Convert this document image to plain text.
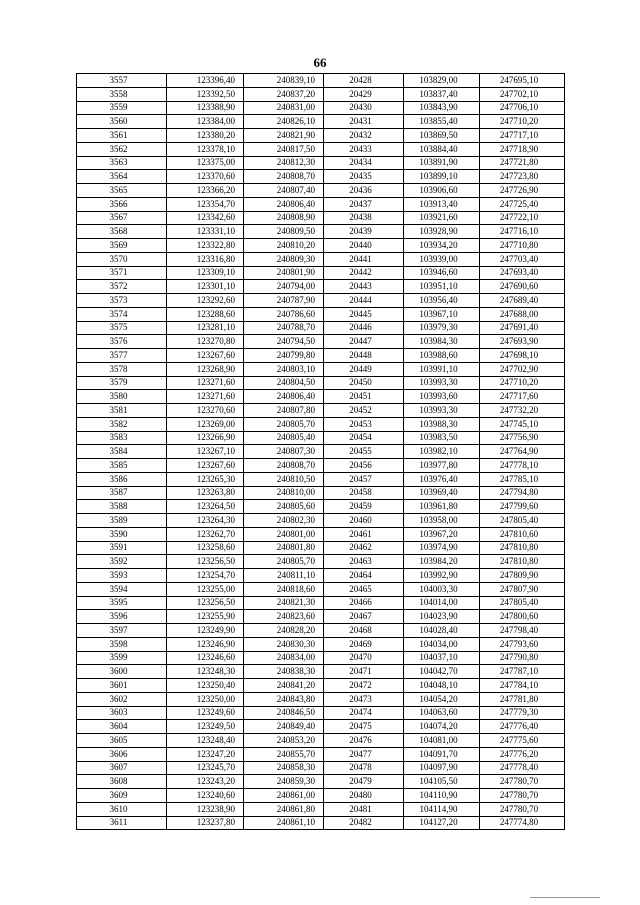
66
3557	123396,40	240839,10	20428	103829,00	247695,10
3558	123392,50	240837,20	20429	103837,40	247702,10
3559	123388,90	240831,00	20430	103843,90	247706,10
3560	123384,00	240826,10	20431	103855,40	247710,20
3561	123380,20	240821,90	20432	103869,50	247717,10
3562	123378,10	240817,50	20433	103884,40	247718,90
3563	123375,00	240812,30	20434	103891,90	247721,80
3564	123370,60	240808,70	20435	103899,10	247723,80
3565	123366,20	240807,40	20436	103906,60	247726,90
3566	123354,70	240806,40	20437	103913,40	247725,40
3567	123342,60	240808,90	20438	103921,60	247722,10
3568	123331,10	240809,50	20439	103928,90	247716,10
3569	123322,80	240810,20	20440	103934,20	247710,80
3570	123316,80	240809,30	20441	103939,00	247703,40
3571	123309,10	240801,90	20442	103946,60	247693,40
3572	123301,10	240794,00	20443	103951,10	247690,60
3573	123292,60	240787,90	20444	103956,40	247689,40
3574	123288,60	240786,60	20445	103967,10	247688,00
3575	123281,10	240788,70	20446	103979,30	247691,40
3576	123270,80	240794,50	20447	103984,30	247693,90
3577	123267,60	240799,80	20448	103988,60	247698,10
3578	123268,90	240803,10	20449	103991,10	247702,90
3579	123271,60	240804,50	20450	103993,30	247710,20
3580	123271,60	240806,40	20451	103993,60	247717,60
3581	123270,60	240807,80	20452	103993,30	247732,20
3582	123269,00	240805,70	20453	103988,30	247745,10
3583	123266,90	240805,40	20454	103983,50	247756,90
3584	123267,10	240807,30	20455	103982,10	247764,90
3585	123267,60	240808,70	20456	103977,80	247778,10
3586	123265,30	240810,50	20457	103976,40	247785,10
3587	123263,80	240810,00	20458	103969,40	247794,80
3588	123264,50	240805,60	20459	103961,80	247799,60
3589	123264,30	240802,30	20460	103958,00	247805,40
3590	123262,70	240801,00	20461	103967,20	247810,60
3591	123258,60	240801,80	20462	103974,90	247810,80
3592	123256,50	240805,70	20463	103984,20	247810,80
3593	123254,70	240811,10	20464	103992,90	247809,90
3594	123255,00	240818,60	20465	104003,30	247807,90
3595	123256,50	240821,30	20466	104014,00	247805,40
3596	123255,90	240823,60	20467	104023,90	247800,60
3597	123249,90	240828,20	20468	104028,40	247798,40
3598	123246,90	240830,30	20469	104034,00	247793,60
3599	123246,60	240834,00	20470	104037,10	247790,80
3600	123248,30	240838,30	20471	104042,70	247787,10
3601	123250,40	240841,20	20472	104048,10	247784,10
3602	123250,00	240843,80	20473	104054,20	247781,80
3603	123249,60	240846,50	20474	104063,60	247779,30
3604	123249,50	240849,40	20475	104074,20	247776,40
3605	123248,40	240853,20	20476	104081,00	247775,60
3606	123247,20	240855,70	20477	104091,70	247776,20
3607	123245,70	240858,30	20478	104097,90	247778,40
3608	123243,20	240859,30	20479	104105,50	247780,70
3609	123240,60	240861,00	20480	104110,90	247780,70
3610	123238,90	240861,80	20481	104114,90	247780,70
3611	123237,80	240861,10	20482	104127,20	247774,80
